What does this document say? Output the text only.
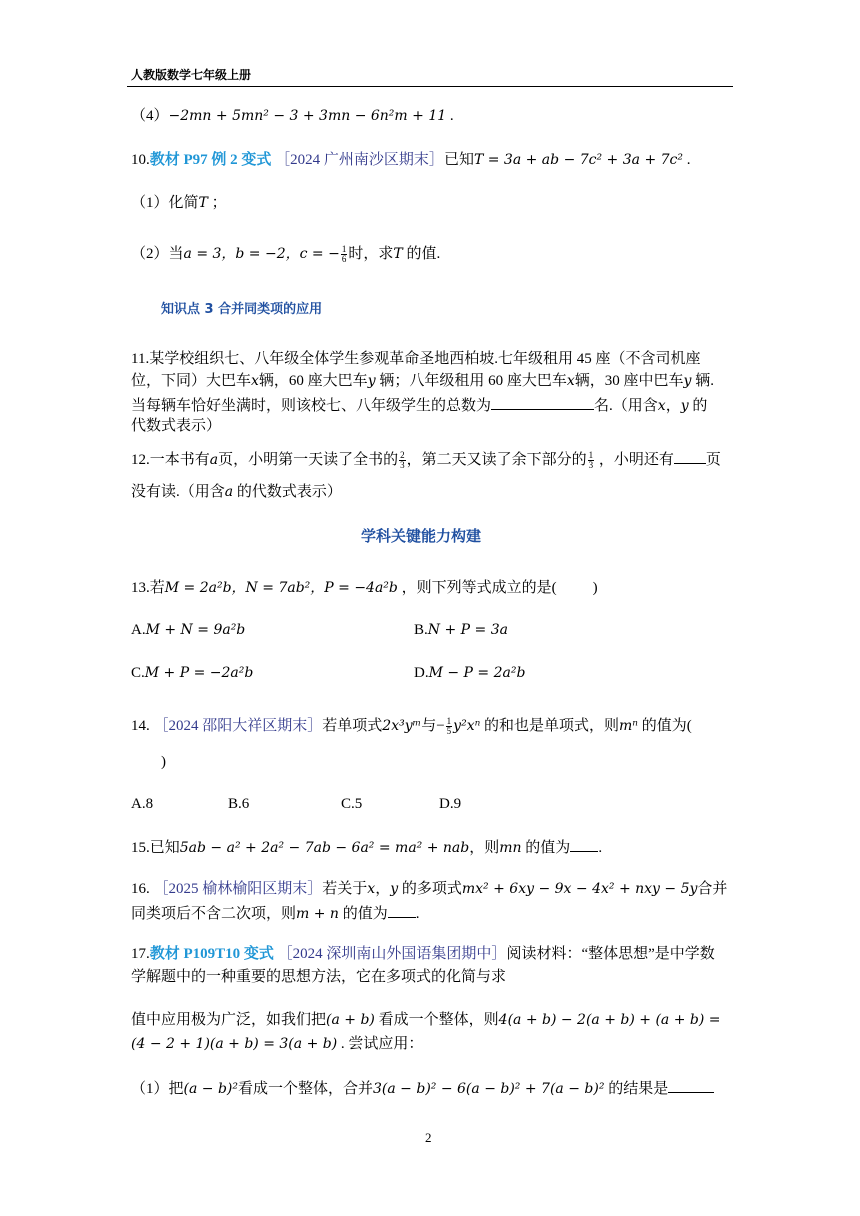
人教版数学七年级上册
（4）−2mn + 5mn² − 3 + 3mn − 6n²m + 11 .
10.教材 P97 例 2 变式 ［2024 广州南沙区期末］已知T = 3a + ab − 7c² + 3a + 7c² .
（1）化简T ；
（2）当a = 3，b = −2，c = − $\frac{1}{6}$ 时，求T 的值.
知识点 3 合并同类项的应用
11.某学校组织七、八年级全体学生参观革命圣地西柏坡.七年级租用 45 座（不含司机座
位，下同）大巴车x辆，60 座大巴车y 辆；八年级租用 60 座大巴车x辆，30 座中巴车y 辆.
当每辆车恰好坐满时，则该校七、八年级学生的总数为	名.（用含x，y 的
代数式表示）
12.一本书有a页，小明第一天读了全书的 $\frac{2}{3}$ ，第二天又读了余下部分的 $\frac{1}{3}$ ，小明还有 页
没有读.（用含a 的代数式表示）
学科关键能力构建
13.若M = 2a²b，N = 7ab²，P = −4a²b ，则下列等式成立的是( )
A.M + N = 9a²b	B.N + P = 3a
C.M + P = −2a²b	D.M − P = 2a²b
14. ［2024 邵阳大祥区期末］若单项式2x³yᵐ与− $\frac{1}{5} y^2x^n$ 的和也是单项式，则mⁿ 的值为(
)
A.8	B.6	C.5	D.9
15.已知5ab − a² + 2a² − 7ab − 6a² = ma² + nab，则mn 的值为 .
16. ［2025 榆林榆阳区期末］若关于x，y 的多项式mx² + 6xy − 9x − 4x² + nxy − 5y合并
同类项后不含二次项，则m + n 的值为 .
17.教材 P109T10 变式 ［2024 深圳南山外国语集团期中］阅读材料：“整体思想”是中学数
学解题中的一种重要的思想方法，它在多项式的化简与求
值中应用极为广泛，如我们把(a + b) 看成一个整体，则4(a + b) − 2(a + b) + (a + b) =
(4 − 2 + 1)(a + b) = 3(a + b) . 尝试应用：
（1）把(a − b)²看成一个整体，合并3(a − b)² − 6(a − b)² + 7(a − b)² 的结果是
2
